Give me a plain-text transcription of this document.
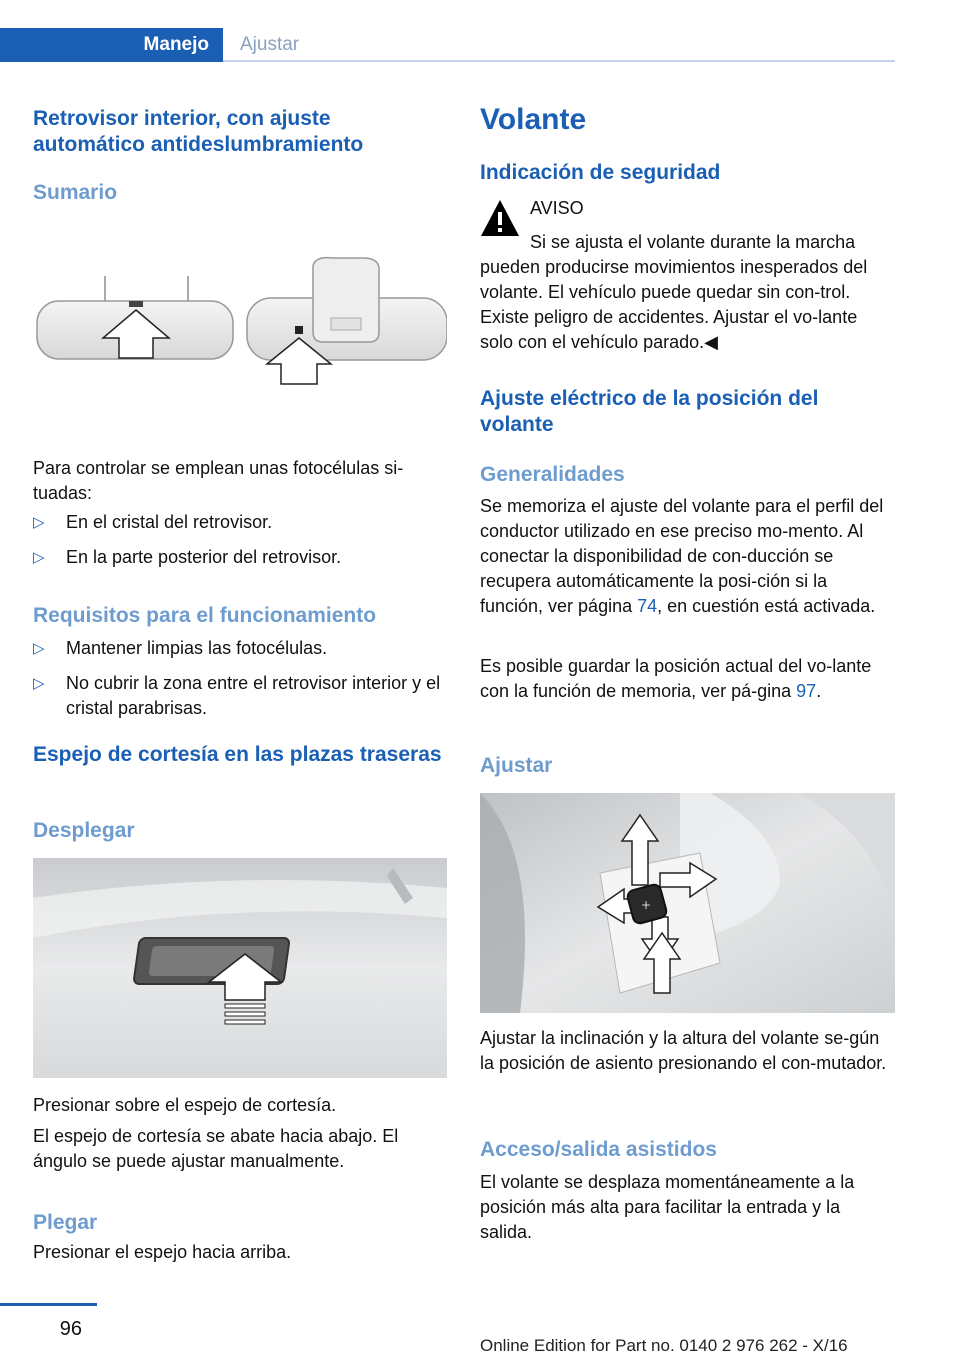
Manejo	Ajustar
Retrovisor interior, con ajuste automático antideslumbramiento
Sumario

Para controlar se emplean unas fotocélulas si‐tuadas:

▷ En el cristal del retrovisor.
▷ En la parte posterior del retrovisor.
Requisitos para el funcionamiento
▷ Mantener limpias las fotocélulas.
▷ No cubrir la zona entre el retrovisor interior y el cristal parabrisas.
Espejo de cortesía en las plazas traseras
Desplegar

Presionar sobre el espejo de cortesía.

El espejo de cortesía se abate hacia abajo. El ángulo se puede ajustar manualmente.

Plegar

Presionar el espejo hacia arriba.

Volante
Indicación de seguridad

AVISO

Si se ajusta el volante durante la marcha pueden producirse movimientos inesperados del volante. El vehículo puede quedar sin con‐trol. Existe peligro de accidentes. Ajustar el vo‐lante solo con el vehículo parado.◀

Ajuste eléctrico de la posición del volante
Generalidades

Se memoriza el ajuste del volante para el perfil del conductor utilizado en ese preciso mo‐mento. Al conectar la disponibilidad de con‐ducción se recupera automáticamente la posi‐ción si la función, ver página 74, en cuestión está activada.

Es posible guardar la posición actual del vo‐lante con la función de memoria, ver pá‐gina 97.

Ajustar
+

Ajustar la inclinación y la altura del volante se‐gún la posición de asiento presionando el con‐mutador.

Acceso/salida asistidos

El volante se desplaza momentáneamente a la posición más alta para facilitar la entrada y la salida.

96
Online Edition for Part no. 0140 2 976 262 - X/16
